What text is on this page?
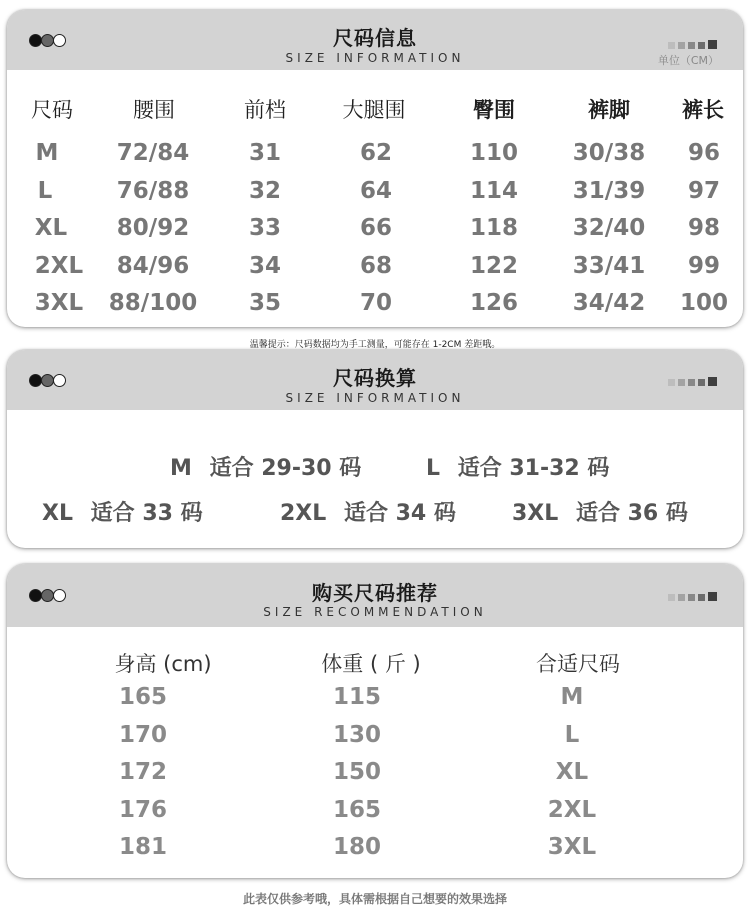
尺码信息
SIZE INFORMATION	单位（CM）
尺码	腰围	前档	大腿围	臀围	裤脚 裤长
M	72/84	31	62	110 30/38 96
L	76/88	32	64	114 31/39 97
XL 80/92	33	66	118 32/40 98
2XL 84/96	34	68	122 33/41 99
3XL 88/100 35	70	126 34/42 100
温馨提示：尺码数据均为手工测量，可能存在 1-2CM 差距哦。
尺码换算
SIZE INFORMATION
M 适合 29-30 码	L 适合 31-32 码
XL 适合 33 码	2XL 适合 34 码	3XL 适合 36 码
购买尺码推荐
SIZE RECOMMENDATION
身高 (cm)	体重 ( 斤 )	合适尺码
165	115	M
170	130	L
172	150	XL
176	165	2XL
181	180	3XL
此表仅供参考哦，具体需根据自己想要的效果选择
